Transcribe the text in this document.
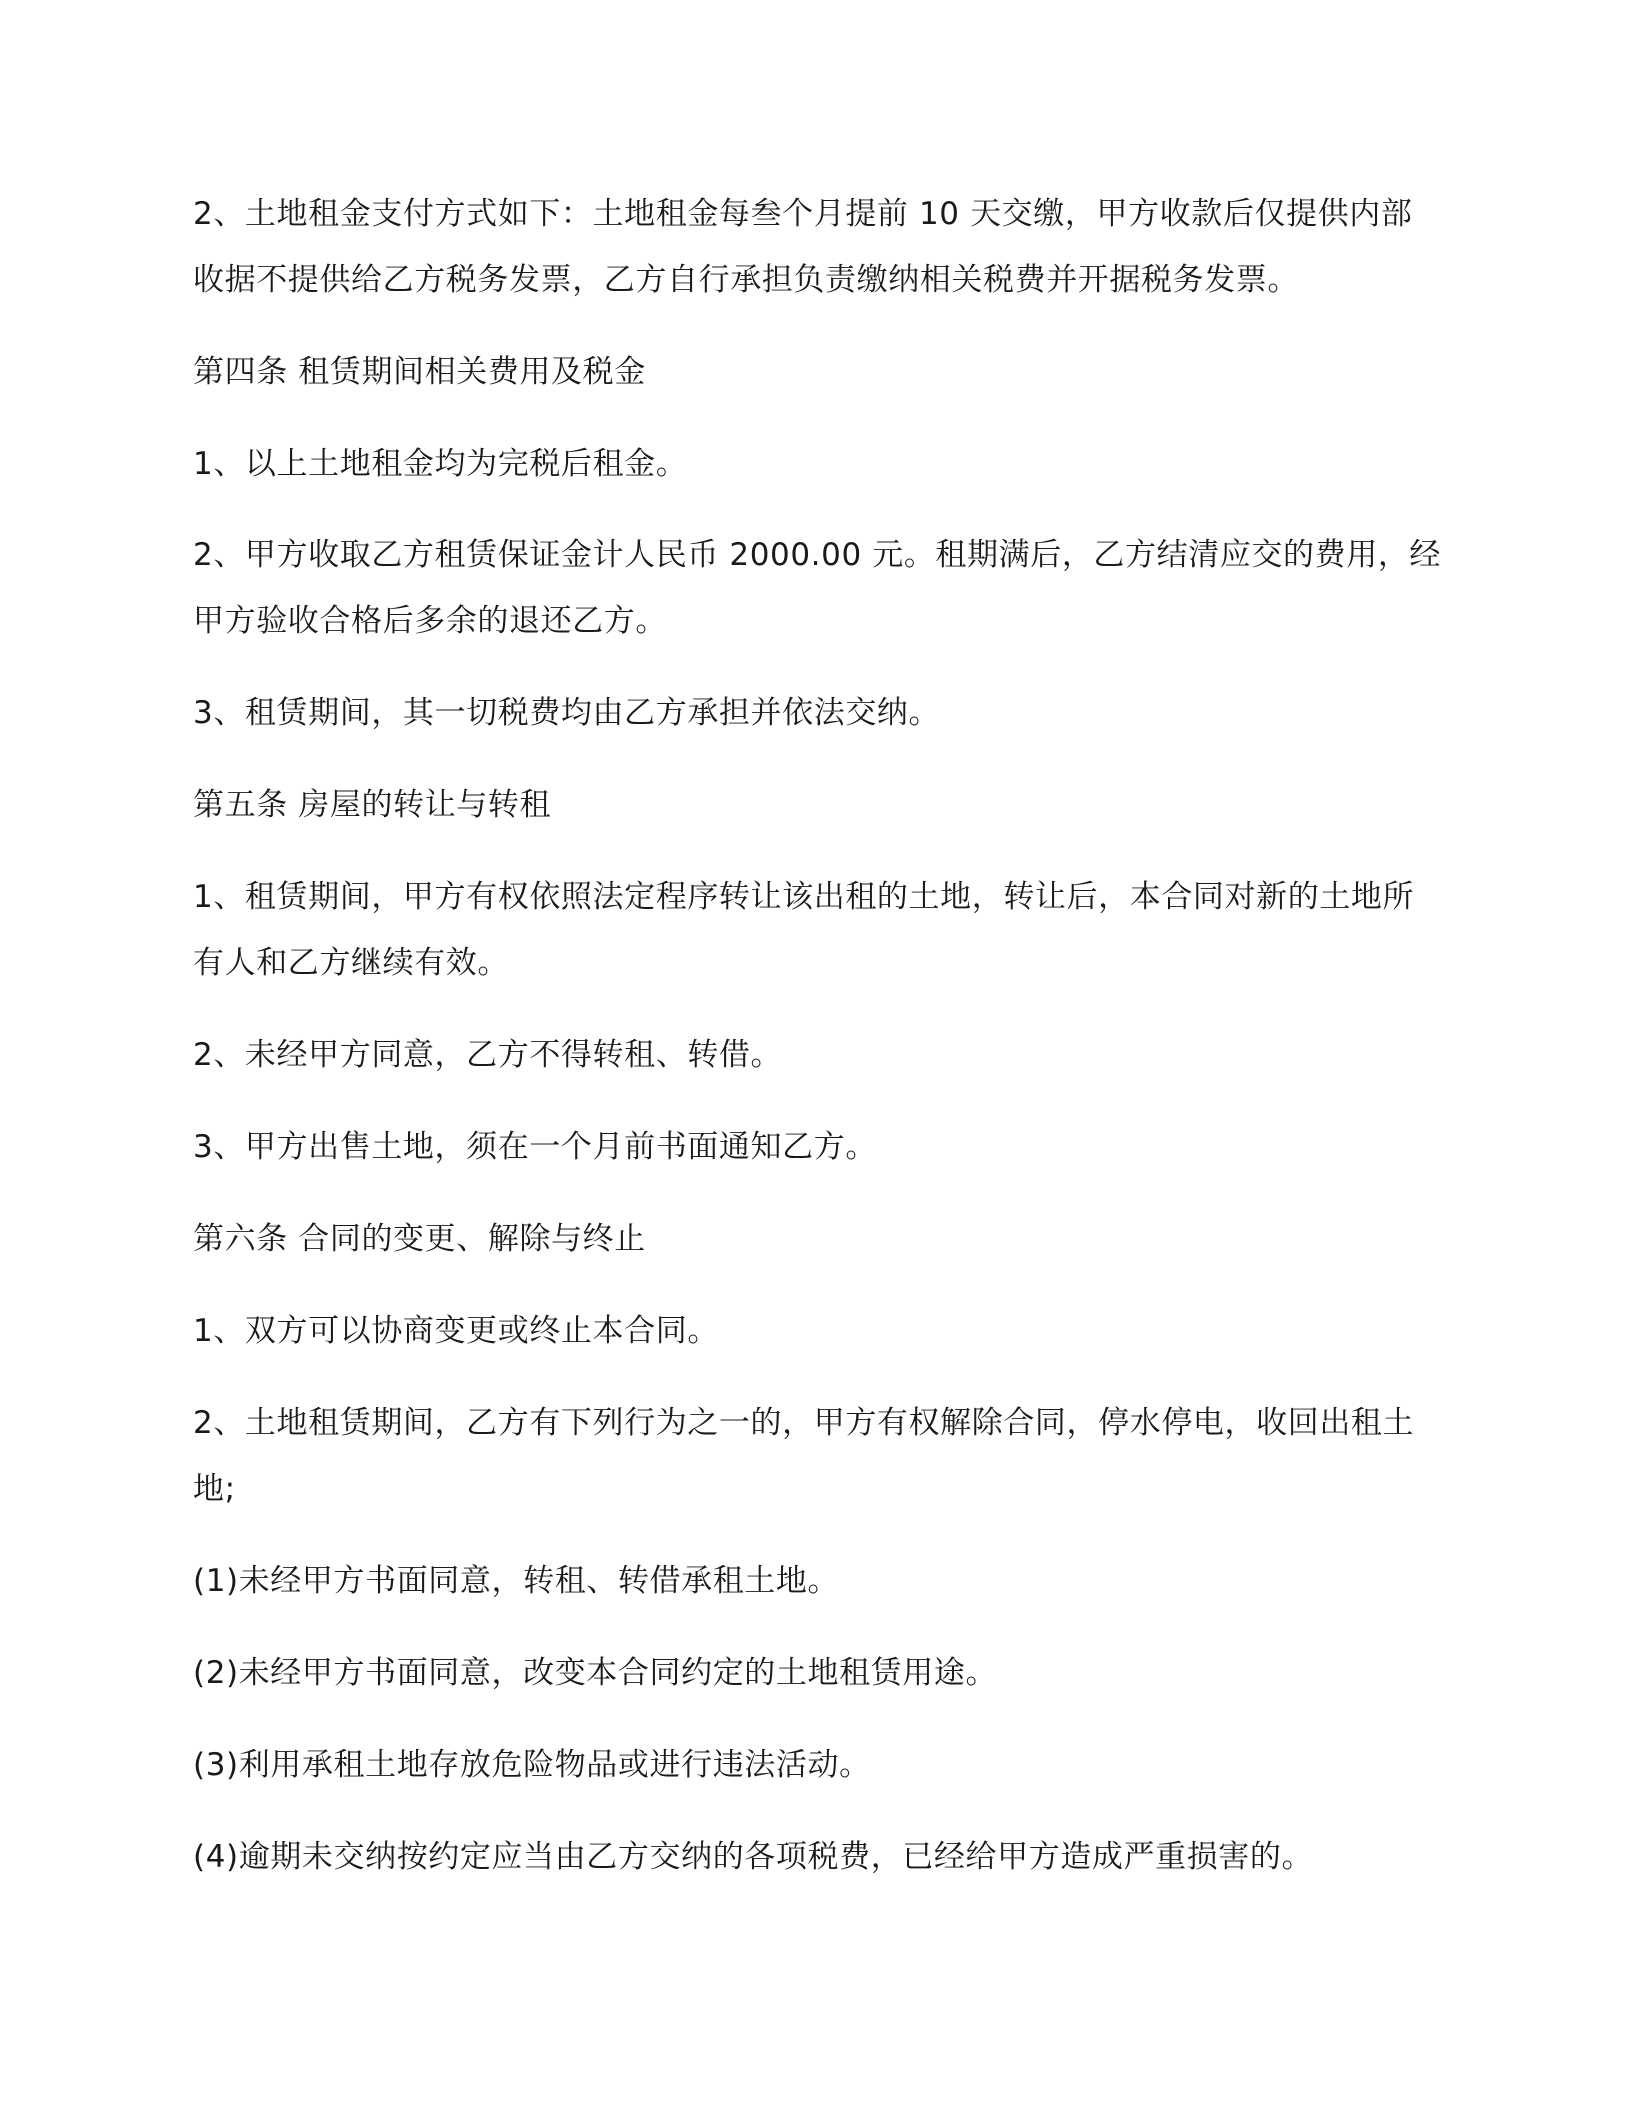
2、土地租金支付方式如下：土地租金每叁个月提前 10 天交缴，甲方收款后仅提供内部

收据不提供给乙方税务发票，乙方自行承担负责缴纳相关税费并开据税务发票。

第四条 租赁期间相关费用及税金

1、以上土地租金均为完税后租金。

2、甲方收取乙方租赁保证金计人民币 2000.00 元。租期满后，乙方结清应交的费用，经

甲方验收合格后多余的退还乙方。

3、租赁期间，其一切税费均由乙方承担并依法交纳。

第五条 房屋的转让与转租

1、租赁期间，甲方有权依照法定程序转让该出租的土地，转让后，本合同对新的土地所

有人和乙方继续有效。

2、未经甲方同意，乙方不得转租、转借。

3、甲方出售土地，须在一个月前书面通知乙方。

第六条 合同的变更、解除与终止

1、双方可以协商变更或终止本合同。

2、土地租赁期间，乙方有下列行为之一的，甲方有权解除合同，停水停电，收回出租土

地;

(1)未经甲方书面同意，转租、转借承租土地。

(2)未经甲方书面同意，改变本合同约定的土地租赁用途。

(3)利用承租土地存放危险物品或进行违法活动。

(4)逾期未交纳按约定应当由乙方交纳的各项税费，已经给甲方造成严重损害的。
